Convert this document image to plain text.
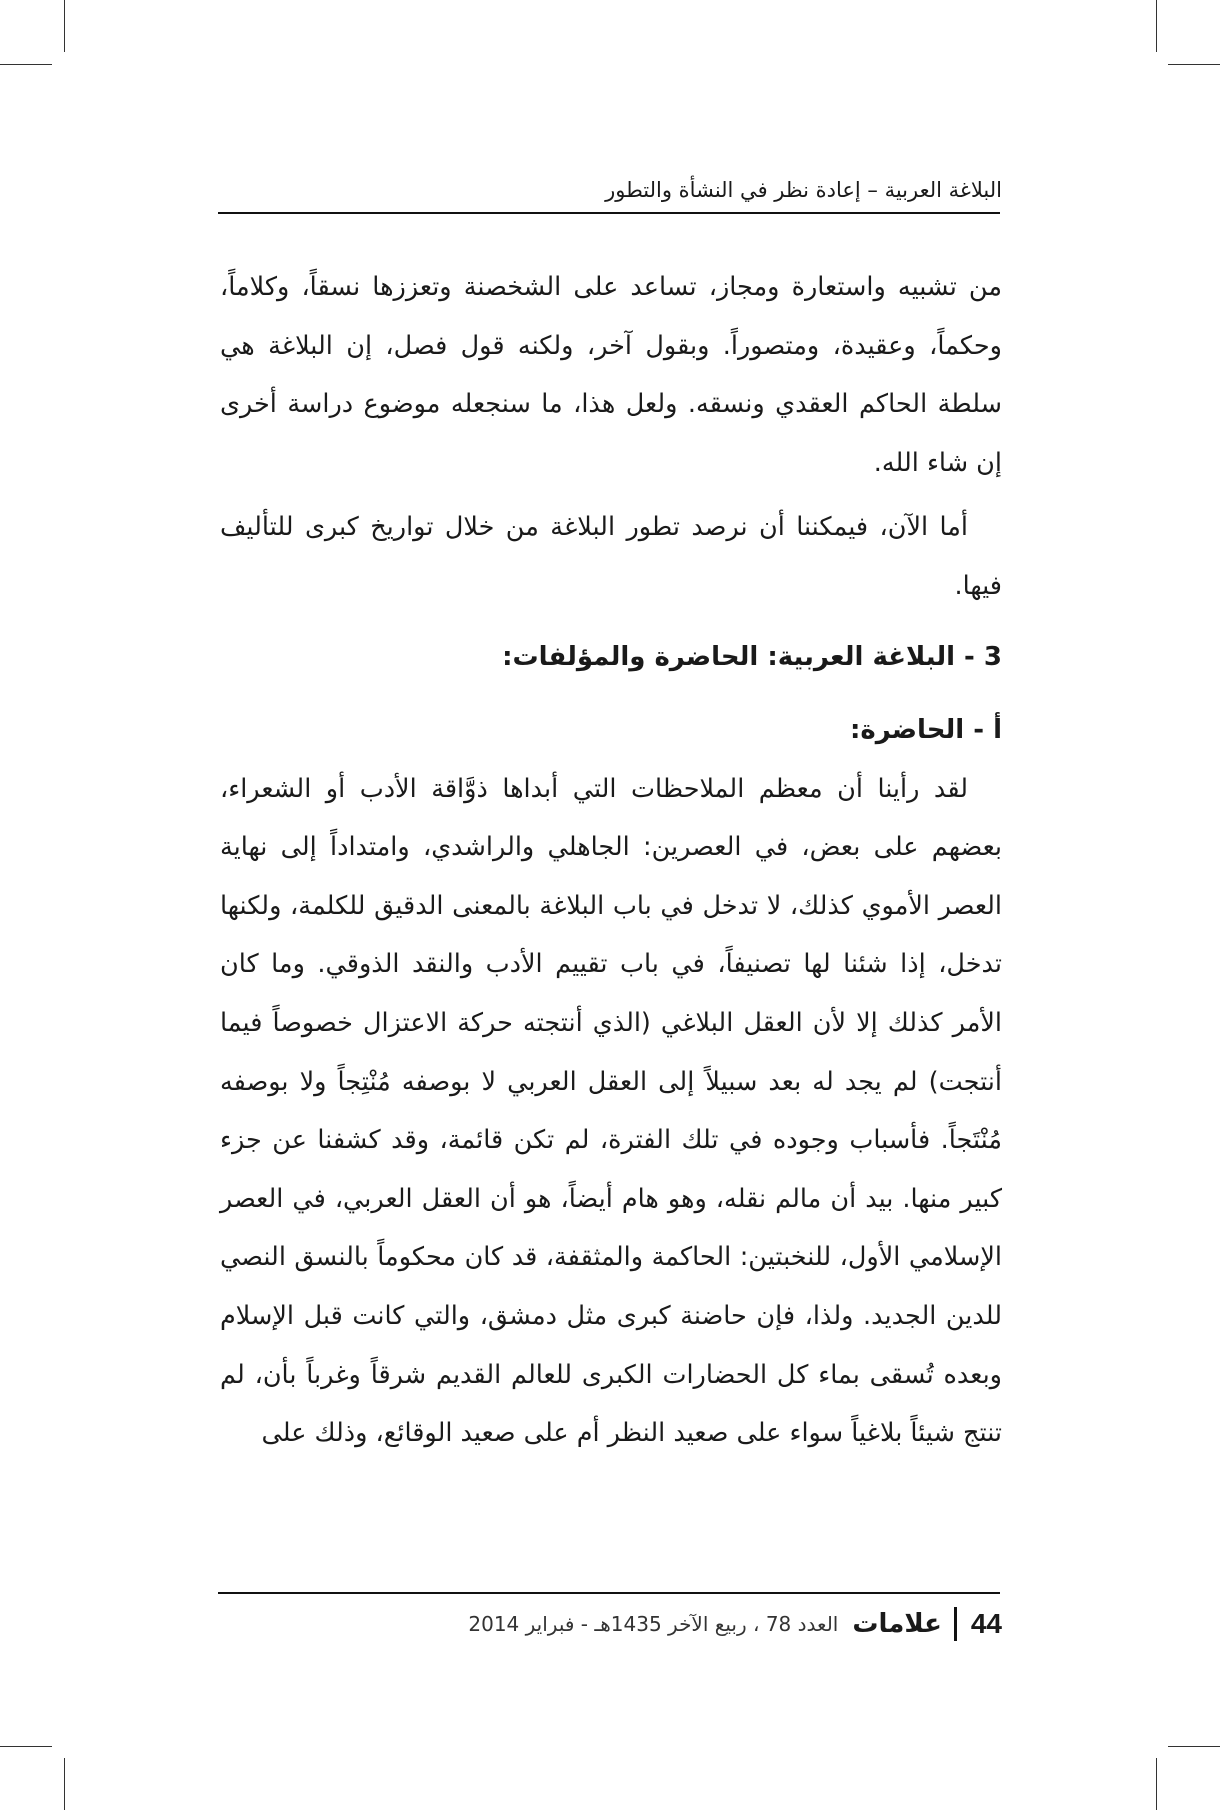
البلاغة العربية – إعادة نظر في النشأة والتطور

من تشبيه واستعارة ومجاز، تساعد على الشخصنة وتعززها نسقاً، وكلاماً، وحكماً، وعقيدة، ومتصوراً. وبقول آخر، ولكنه قول فصل، إن البلاغة هي سلطة الحاكم العقدي ونسقه. ولعل هذا، ما سنجعله موضوع دراسة أخرى إن شاء الله.

أما الآن، فيمكننا أن نرصد تطور البلاغة من خلال تواريخ كبرى للتأليف فيها.

3 - البلاغة العربية: الحاضرة والمؤلفات:

أ - الحاضرة:

لقد رأينا أن معظم الملاحظات التي أبداها ذوَّاقة الأدب أو الشعراء، بعضهم على بعض، في العصرين: الجاهلي والراشدي، وامتداداً إلى نهاية العصر الأموي كذلك، لا تدخل في باب البلاغة بالمعنى الدقيق للكلمة، ولكنها تدخل، إذا شئنا لها تصنيفاً، في باب تقييم الأدب والنقد الذوقي. وما كان الأمر كذلك إلا لأن العقل البلاغي (الذي أنتجته حركة الاعتزال خصوصاً فيما أنتجت) لم يجد له بعد سبيلاً إلى العقل العربي لا بوصفه مُنْتِجاً ولا بوصفه مُنْتَجاً. فأسباب وجوده في تلك الفترة، لم تكن قائمة، وقد كشفنا عن جزء كبير منها. بيد أن مالم نقله، وهو هام أيضاً، هو أن العقل العربي، في العصر الإسلامي الأول، للنخبتين: الحاكمة والمثقفة، قد كان محكوماً بالنسق النصي للدين الجديد. ولذا، فإن حاضنة كبرى مثل دمشق، والتي كانت قبل الإسلام وبعده تُسقى بماء كل الحضارات الكبرى للعالم القديم شرقاً وغرباً بأن، لم تنتج شيئاً بلاغياً سواء على صعيد النظر أم على صعيد الوقائع، وذلك على

44
علامات
العدد 78 ، ربيع الآخر 1435هـ - فبراير 2014
